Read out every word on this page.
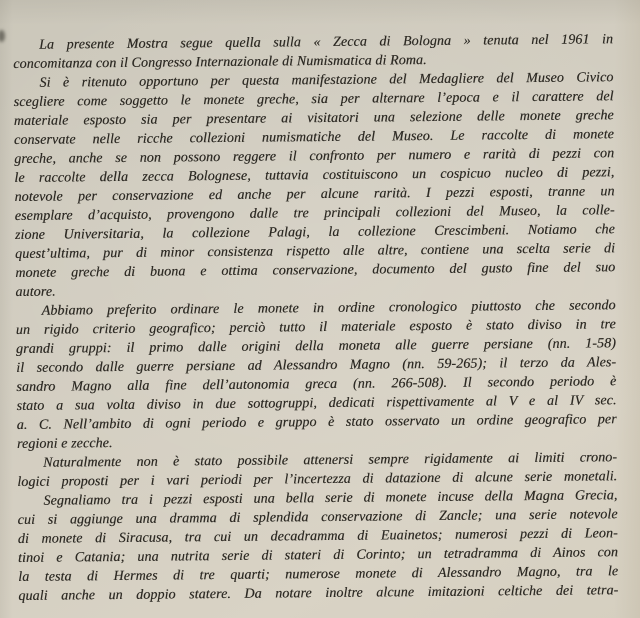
La presente Mostra segue quella sulla « Zecca di Bologna » tenuta nel 1961 in
concomitanza con il Congresso Internazionale di Numismatica di Roma.

Si è ritenuto opportuno per questa manifestazione del Medagliere del Museo Civico
scegliere come soggetto le monete greche, sia per alternare l’epoca e il carattere del
materiale esposto sia per presentare ai visitatori una selezione delle monete greche
conservate nelle ricche collezioni numismatiche del Museo. Le raccolte di monete
greche, anche se non possono reggere il confronto per numero e rarità di pezzi con
le raccolte della zecca Bolognese, tuttavia costituiscono un cospicuo nucleo di pezzi,
notevole per conservazione ed anche per alcune rarità. I pezzi esposti, tranne un
esemplare d’acquisto, provengono dalle tre principali collezioni del Museo, la colle-
zione Universitaria, la collezione Palagi, la collezione Crescimbeni. Notiamo che
quest’ultima, pur di minor consistenza rispetto alle altre, contiene una scelta serie di
monete greche di buona e ottima conservazione, documento del gusto fine del suo
autore.

Abbiamo preferito ordinare le monete in ordine cronologico piuttosto che secondo
un rigido criterio geografico; perciò tutto il materiale esposto è stato diviso in tre
grandi gruppi: il primo dalle origini della moneta alle guerre persiane (nn. 1-58)
il secondo dalle guerre persiane ad Alessandro Magno (nn. 59-265); il terzo da Ales-
sandro Magno alla fine dell’autonomia greca (nn. 266-508). Il secondo periodo è
stato a sua volta diviso in due sottogruppi, dedicati rispettivamente al V e al IV sec.
a. C. Nell’ambito di ogni periodo e gruppo è stato osservato un ordine geografico per
regioni e zecche.

Naturalmente non è stato possibile attenersi sempre rigidamente ai limiti crono-
logici proposti per i vari periodi per l’incertezza di datazione di alcune serie monetali.

Segnaliamo tra i pezzi esposti una bella serie di monete incuse della Magna Grecia,
cui si aggiunge una dramma di splendida conservazione di Zancle; una serie notevole
di monete di Siracusa, tra cui un decadramma di Euainetos; numerosi pezzi di Leon-
tinoi e Catania; una nutrita serie di stateri di Corinto; un tetradramma di Ainos con
la testa di Hermes di tre quarti; numerose monete di Alessandro Magno, tra le
quali anche un doppio statere. Da notare inoltre alcune imitazioni celtiche dei tetra-
